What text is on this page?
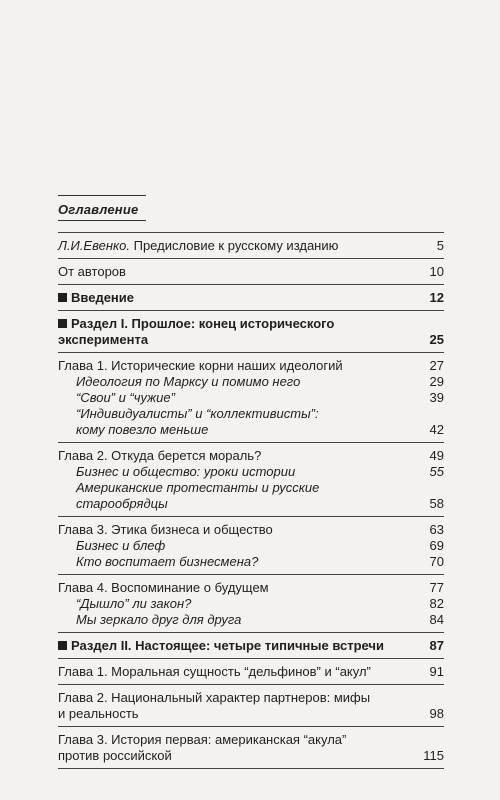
Оглавление
Л.И.Евенко. Предисловие к русскому изданию	5
От авторов	10
Введение	12
Раздел I. Прошлое: конец исторического
эксперимента	25
Глава 1. Исторические корни наших идеологий	27
Идеология по Марксу и помимо него	29
“Свои” и “чужие”	39
“Индивидуалисты” и “коллективисты”:
кому повезло меньше	42
Глава 2. Откуда берется мораль?	49
Бизнес и общество: уроки истории	55
Американские протестанты и русские
старообрядцы	58
Глава 3. Этика бизнеса и общество	63
Бизнес и блеф	69
Кто воспитает бизнесмена?	70
Глава 4. Воспоминание о будущем	77
“Дышло” ли закон?	82
Мы зеркало друг для друга	84
Раздел II. Настоящее: четыре типичные встречи	87
Глава 1. Моральная сущность “дельфинов” и “акул”	91
Глава 2. Национальный характер партнеров: мифы
и реальность	98
Глава 3. История первая: американская “акула”
против российской	115
